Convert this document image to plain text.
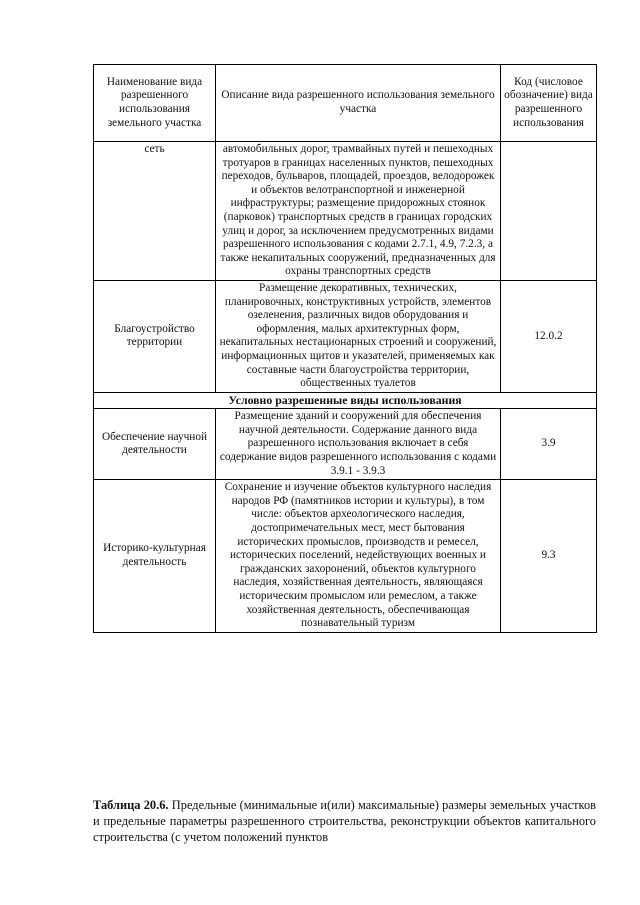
Наименование вида разрешенного использования земельного участка	Описание вида разрешенного использования земельного участка	Код (числовое обозначение) вида разрешенного использования
сеть	автомобильных дорог, трамвайных путей и пешеходных тротуаров в границах населенных пунктов, пешеходных переходов, бульваров, площадей, проездов, велодорожек и объектов велотранспортной и инженерной инфраструктуры; размещение придорожных стоянок (парковок) транспортных средств в границах городских улиц и дорог, за исключением предусмотренных видами разрешенного использования с кодами 2.7.1, 4.9, 7.2.3, а также некапитальных сооружений, предназначенных для охраны транспортных средств	
Благоустройство территории	Размещение декоративных, технических, планировочных, конструктивных устройств, элементов озеленения, различных видов оборудования и оформления, малых архитектурных форм, некапитальных нестационарных строений и сооружений, информационных щитов и указателей, применяемых как составные части благоустройства территории, общественных туалетов	12.0.2
Условно разрешенные виды использования		
Обеспечение научной деятельности	Размещение зданий и сооружений для обеспечения научной деятельности. Содержание данного вида разрешенного использования включает в себя содержание видов разрешенного использования с кодами 3.9.1 - 3.9.3	3.9
Историко-культурная деятельность	Сохранение и изучение объектов культурного наследия народов РФ (памятников истории и культуры), в том числе: объектов археологического наследия, достопримечательных мест, мест бытования исторических промыслов, производств и ремесел, исторических поселений, недействующих военных и гражданских захоронений, объектов культурного наследия, хозяйственная деятельность, являющаяся историческим промыслом или ремеслом, а также хозяйственная деятельность, обеспечивающая познавательный туризм	9.3

Таблица 20.6. Предельные (минимальные и(или) максимальные) размеры земельных участков и предельные параметры разрешенного строительства, реконструкции объектов капитального строительства (с учетом положений пунктов
